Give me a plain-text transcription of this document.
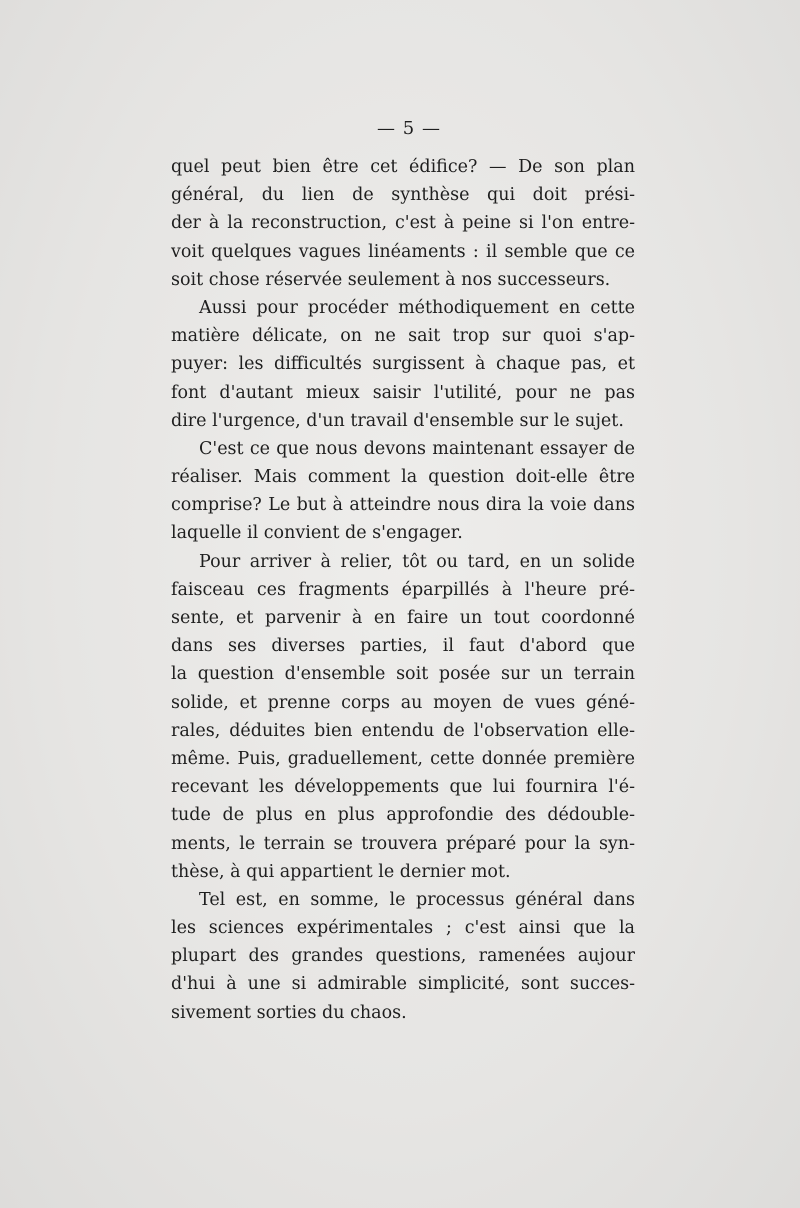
— 5 —
quel peut bien être cet édifice? — De son plan
général, du lien de synthèse qui doit prési-
der à la reconstruction, c'est à peine si l'on entre-
voit quelques vagues linéaments : il semble que ce
soit chose réservée seulement à nos successeurs.
Aussi pour procéder méthodiquement en cette
matière délicate, on ne sait trop sur quoi s'ap-
puyer: les difficultés surgissent à chaque pas, et
font d'autant mieux saisir l'utilité, pour ne pas
dire l'urgence, d'un travail d'ensemble sur le sujet.
C'est ce que nous devons maintenant essayer de
réaliser. Mais comment la question doit-elle être
comprise? Le but à atteindre nous dira la voie dans
laquelle il convient de s'engager.
Pour arriver à relier, tôt ou tard, en un solide
faisceau ces fragments éparpillés à l'heure pré-
sente, et parvenir à en faire un tout coordonné
dans ses diverses parties, il faut d'abord que
la question d'ensemble soit posée sur un terrain
solide, et prenne corps au moyen de vues géné-
rales, déduites bien entendu de l'observation elle-
même. Puis, graduellement, cette donnée première
recevant les développements que lui fournira l'é-
tude de plus en plus approfondie des dédouble-
ments, le terrain se trouvera préparé pour la syn-
thèse, à qui appartient le dernier mot.
Tel est, en somme, le processus général dans
les sciences expérimentales ; c'est ainsi que la
plupart des grandes questions, ramenées aujour
d'hui à une si admirable simplicité, sont succes-
sivement sorties du chaos.
